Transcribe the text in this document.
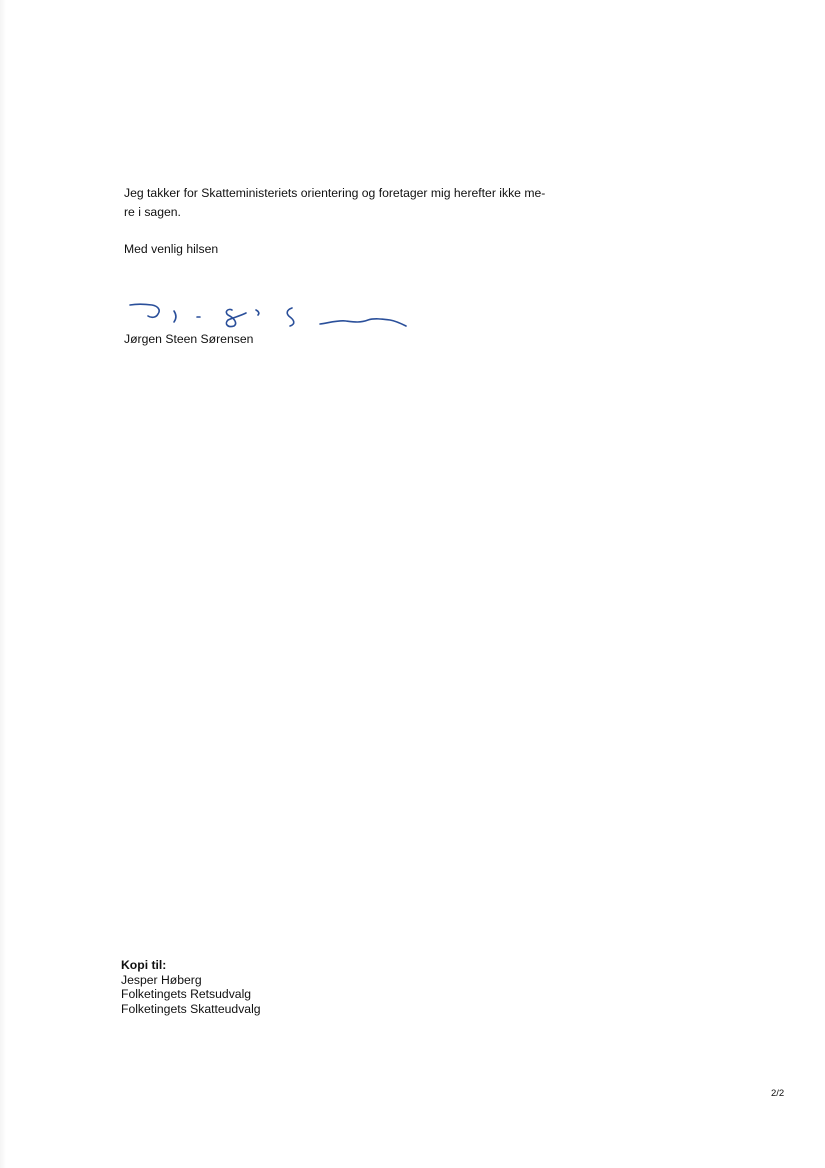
Jeg takker for Skatteministeriets orientering og foretager mig herefter ikke me-
re i sagen.

Med venlig hilsen
Jørgen Steen Sørensen
Kopi til:
Jesper Høberg
Folketingets Retsudvalg
Folketingets Skatteudvalg
2/2
